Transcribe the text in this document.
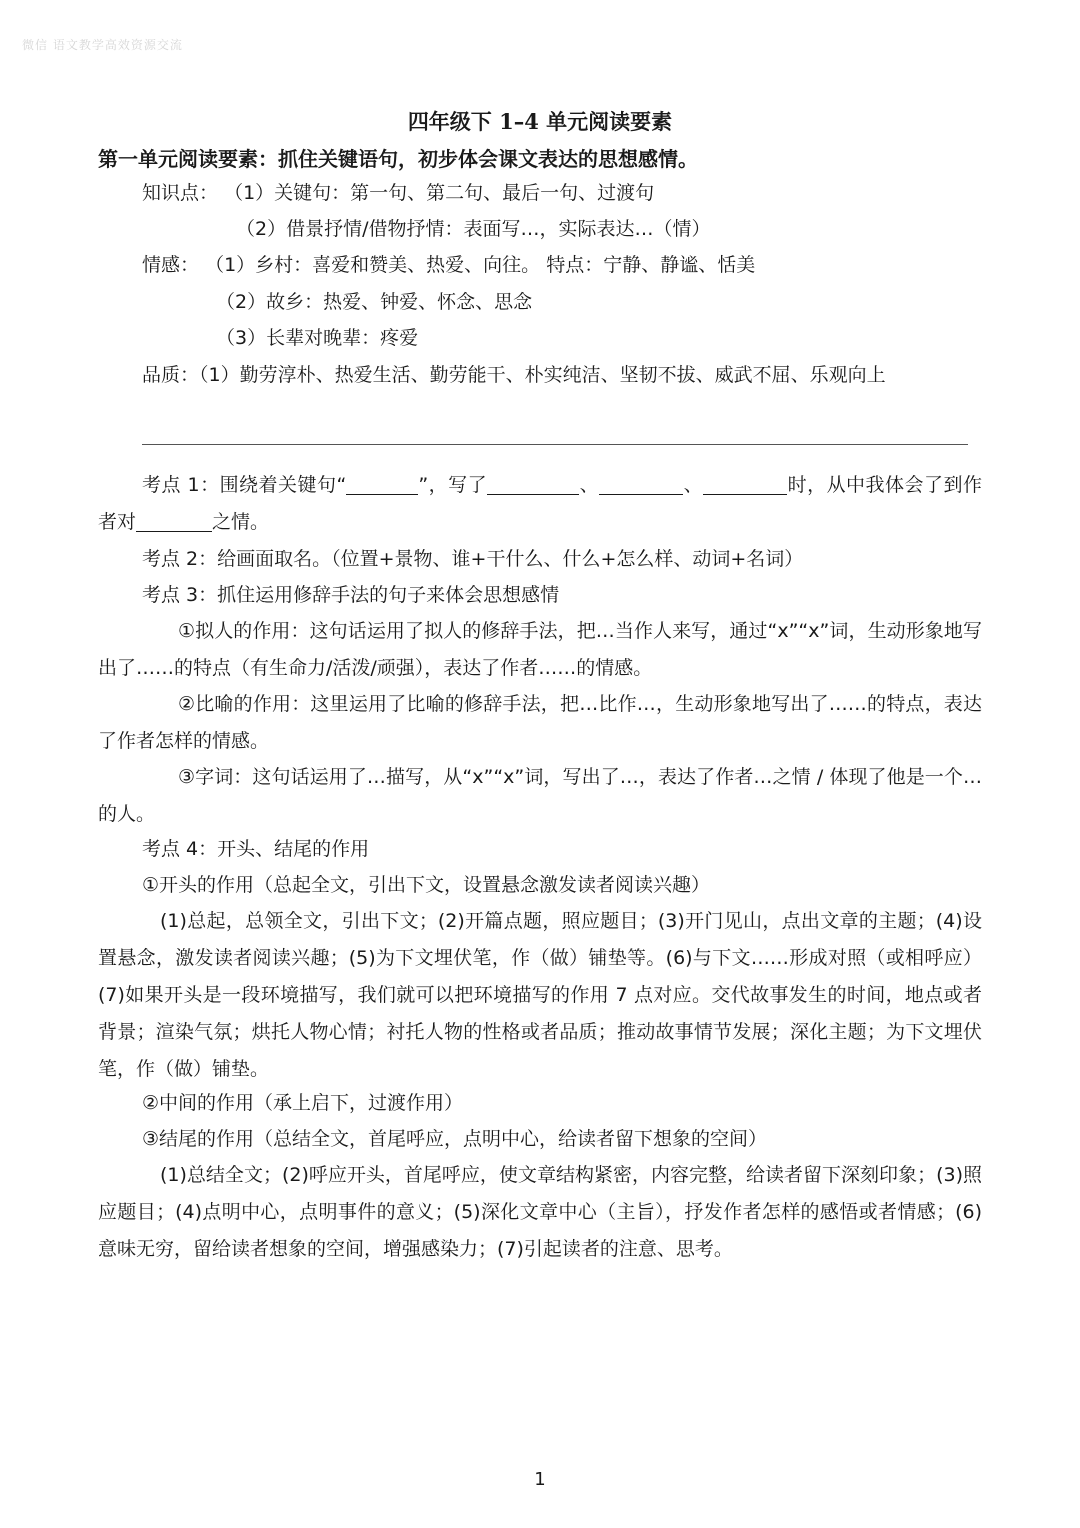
微信 语文教学高效资源交流
四年级下 1–4 单元阅读要素
第一单元阅读要素：抓住关键语句，初步体会课文表达的思想感情。
知识点： （1）关键句：第一句、第二句、最后一句、过渡句
（2）借景抒情/借物抒情：表面写…，实际表达…（情）
情感： （1）乡村：喜爱和赞美、热爱、向往。 特点：宁静、静谧、恬美
（2）故乡：热爱、钟爱、怀念、思念
（3）长辈对晚辈：疼爱
品质：（1）勤劳淳朴、热爱生活、勤劳能干、朴实纯洁、坚韧不拔、威武不屈、乐观向上
考点 1：围绕着关键句“	”，写了	、	、	时，从中我体会了到作者对	之情。
考点 2：给画面取名。（位置+景物、谁+干什么、什么+怎么样、动词+名词）
考点 3：抓住运用修辞手法的句子来体会思想感情
①拟人的作用：这句话运用了拟人的修辞手法，把…当作人来写，通过“x”“x”词，生动形象地写出了……的特点（有生命力/活泼/顽强），表达了作者……的情感。
②比喻的作用：这里运用了比喻的修辞手法，把…比作…，生动形象地写出了……的特点，表达了作者怎样的情感。
③字词：这句话运用了…描写，从“x”“x”词，写出了…，表达了作者…之情 / 体现了他是一个…的人。
考点 4：开头、结尾的作用
①开头的作用（总起全文，引出下文，设置悬念激发读者阅读兴趣）
(1)总起，总领全文，引出下文；(2)开篇点题，照应题目；(3)开门见山，点出文章的主题；(4)设置悬念，激发读者阅读兴趣；(5)为下文埋伏笔，作（做）铺垫等。(6)与下文……形成对照（或相呼应）(7)如果开头是一段环境描写，我们就可以把环境描写的作用 7 点对应。交代故事发生的时间，地点或者背景；渲染气氛；烘托人物心情；衬托人物的性格或者品质；推动故事情节发展；深化主题；为下文埋伏笔，作（做）铺垫。
②中间的作用（承上启下，过渡作用）
③结尾的作用（总结全文，首尾呼应，点明中心，给读者留下想象的空间）
(1)总结全文；(2)呼应开头，首尾呼应，使文章结构紧密，内容完整，给读者留下深刻印象；(3)照应题目；(4)点明中心，点明事件的意义；(5)深化文章中心（主旨），抒发作者怎样的感悟或者情感；(6)意味无穷，留给读者想象的空间，增强感染力；(7)引起读者的注意、思考。
1
